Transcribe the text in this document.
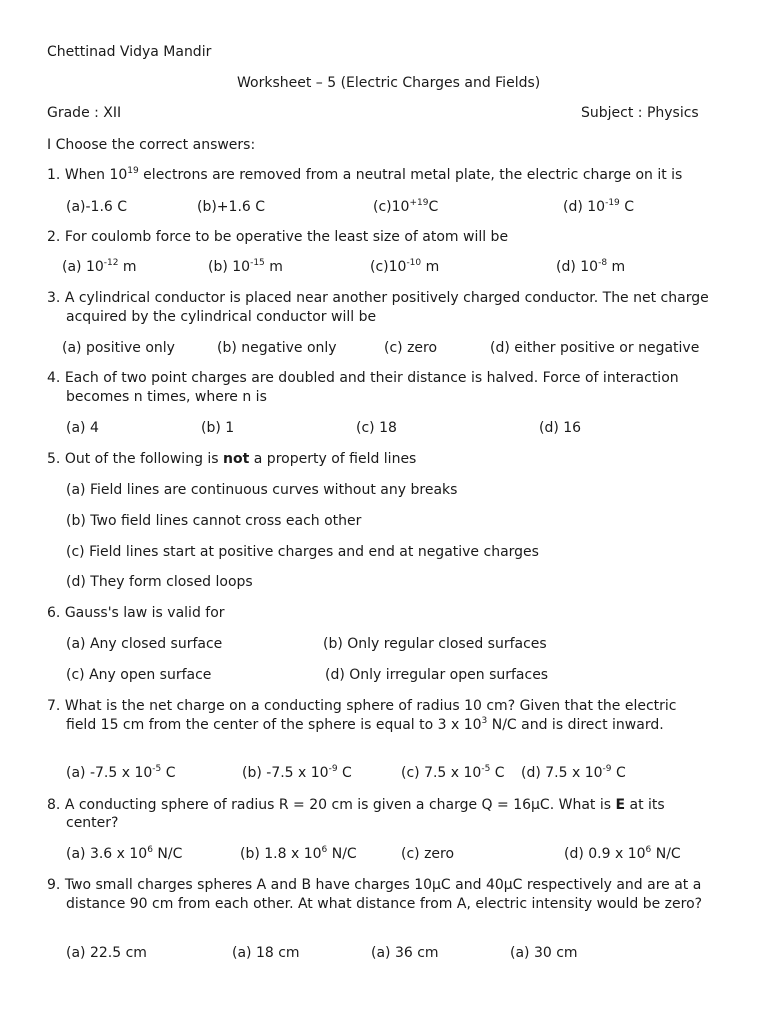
Chettinad Vidya Mandir
Worksheet – 5 (Electric Charges and Fields)
Grade : XII	Subject : Physics
I Choose the correct answers:
1. When $10^{19}$ electrons are removed from a neutral metal plate, the electric charge on it is
(a)-1.6 C	(b)+1.6 C	$(c)10^{+19}C$	(d) $10^{-19}$ C
2. For coulomb force to be operative the least size of atom will be
(a) $10^{-12}$ m	(b) $10^{-15}$ m	$(c)10^{-10}$ m	(d) $10^{-8}$ m
3. A cylindrical conductor is placed near another positively charged conductor. The net charge
acquired by the cylindrical conductor will be
(a) positive only	(b) negative only	(c) zero	(d) either positive or negative
4. Each of two point charges are doubled and their distance is halved. Force of interaction
becomes n times, where n is
(a) 4	(b) 1	(c) 18	(d) 16
5. Out of the following is not a property of field lines
(a) Field lines are continuous curves without any breaks
(b) Two field lines cannot cross each other
(c) Field lines start at positive charges and end at negative charges
(d) They form closed loops
6. Gauss's law is valid for
(a) Any closed surface	(b) Only regular closed surfaces
(c) Any open surface	(d) Only irregular open surfaces
7. What is the net charge on a conducting sphere of radius 10 cm? Given that the electric
field 15 cm from the center of the sphere is equal to 3 x $10^3$ N/C and is direct inward.
(a) -7.5 x $10^{-5}$ C	(b) -7.5 x $10^{-9}$ C	(c) 7.5 x $10^{-5}$ C (d) 7.5 x $10^{-9}$ C
8. A conducting sphere of radius R = 20 cm is given a charge Q = 16µC. What is E at its
center?
(a) 3.6 x $10^6$ N/C	(b) 1.8 x $10^6$ N/C	(c) zero	(d) 0.9 x $10^6$ N/C
9. Two small charges spheres A and B have charges 10µC and 40µC respectively and are at a
distance 90 cm from each other. At what distance from A, electric intensity would be zero?
(a) 22.5 cm	(a) 18 cm	(a) 36 cm	(a) 30 cm
